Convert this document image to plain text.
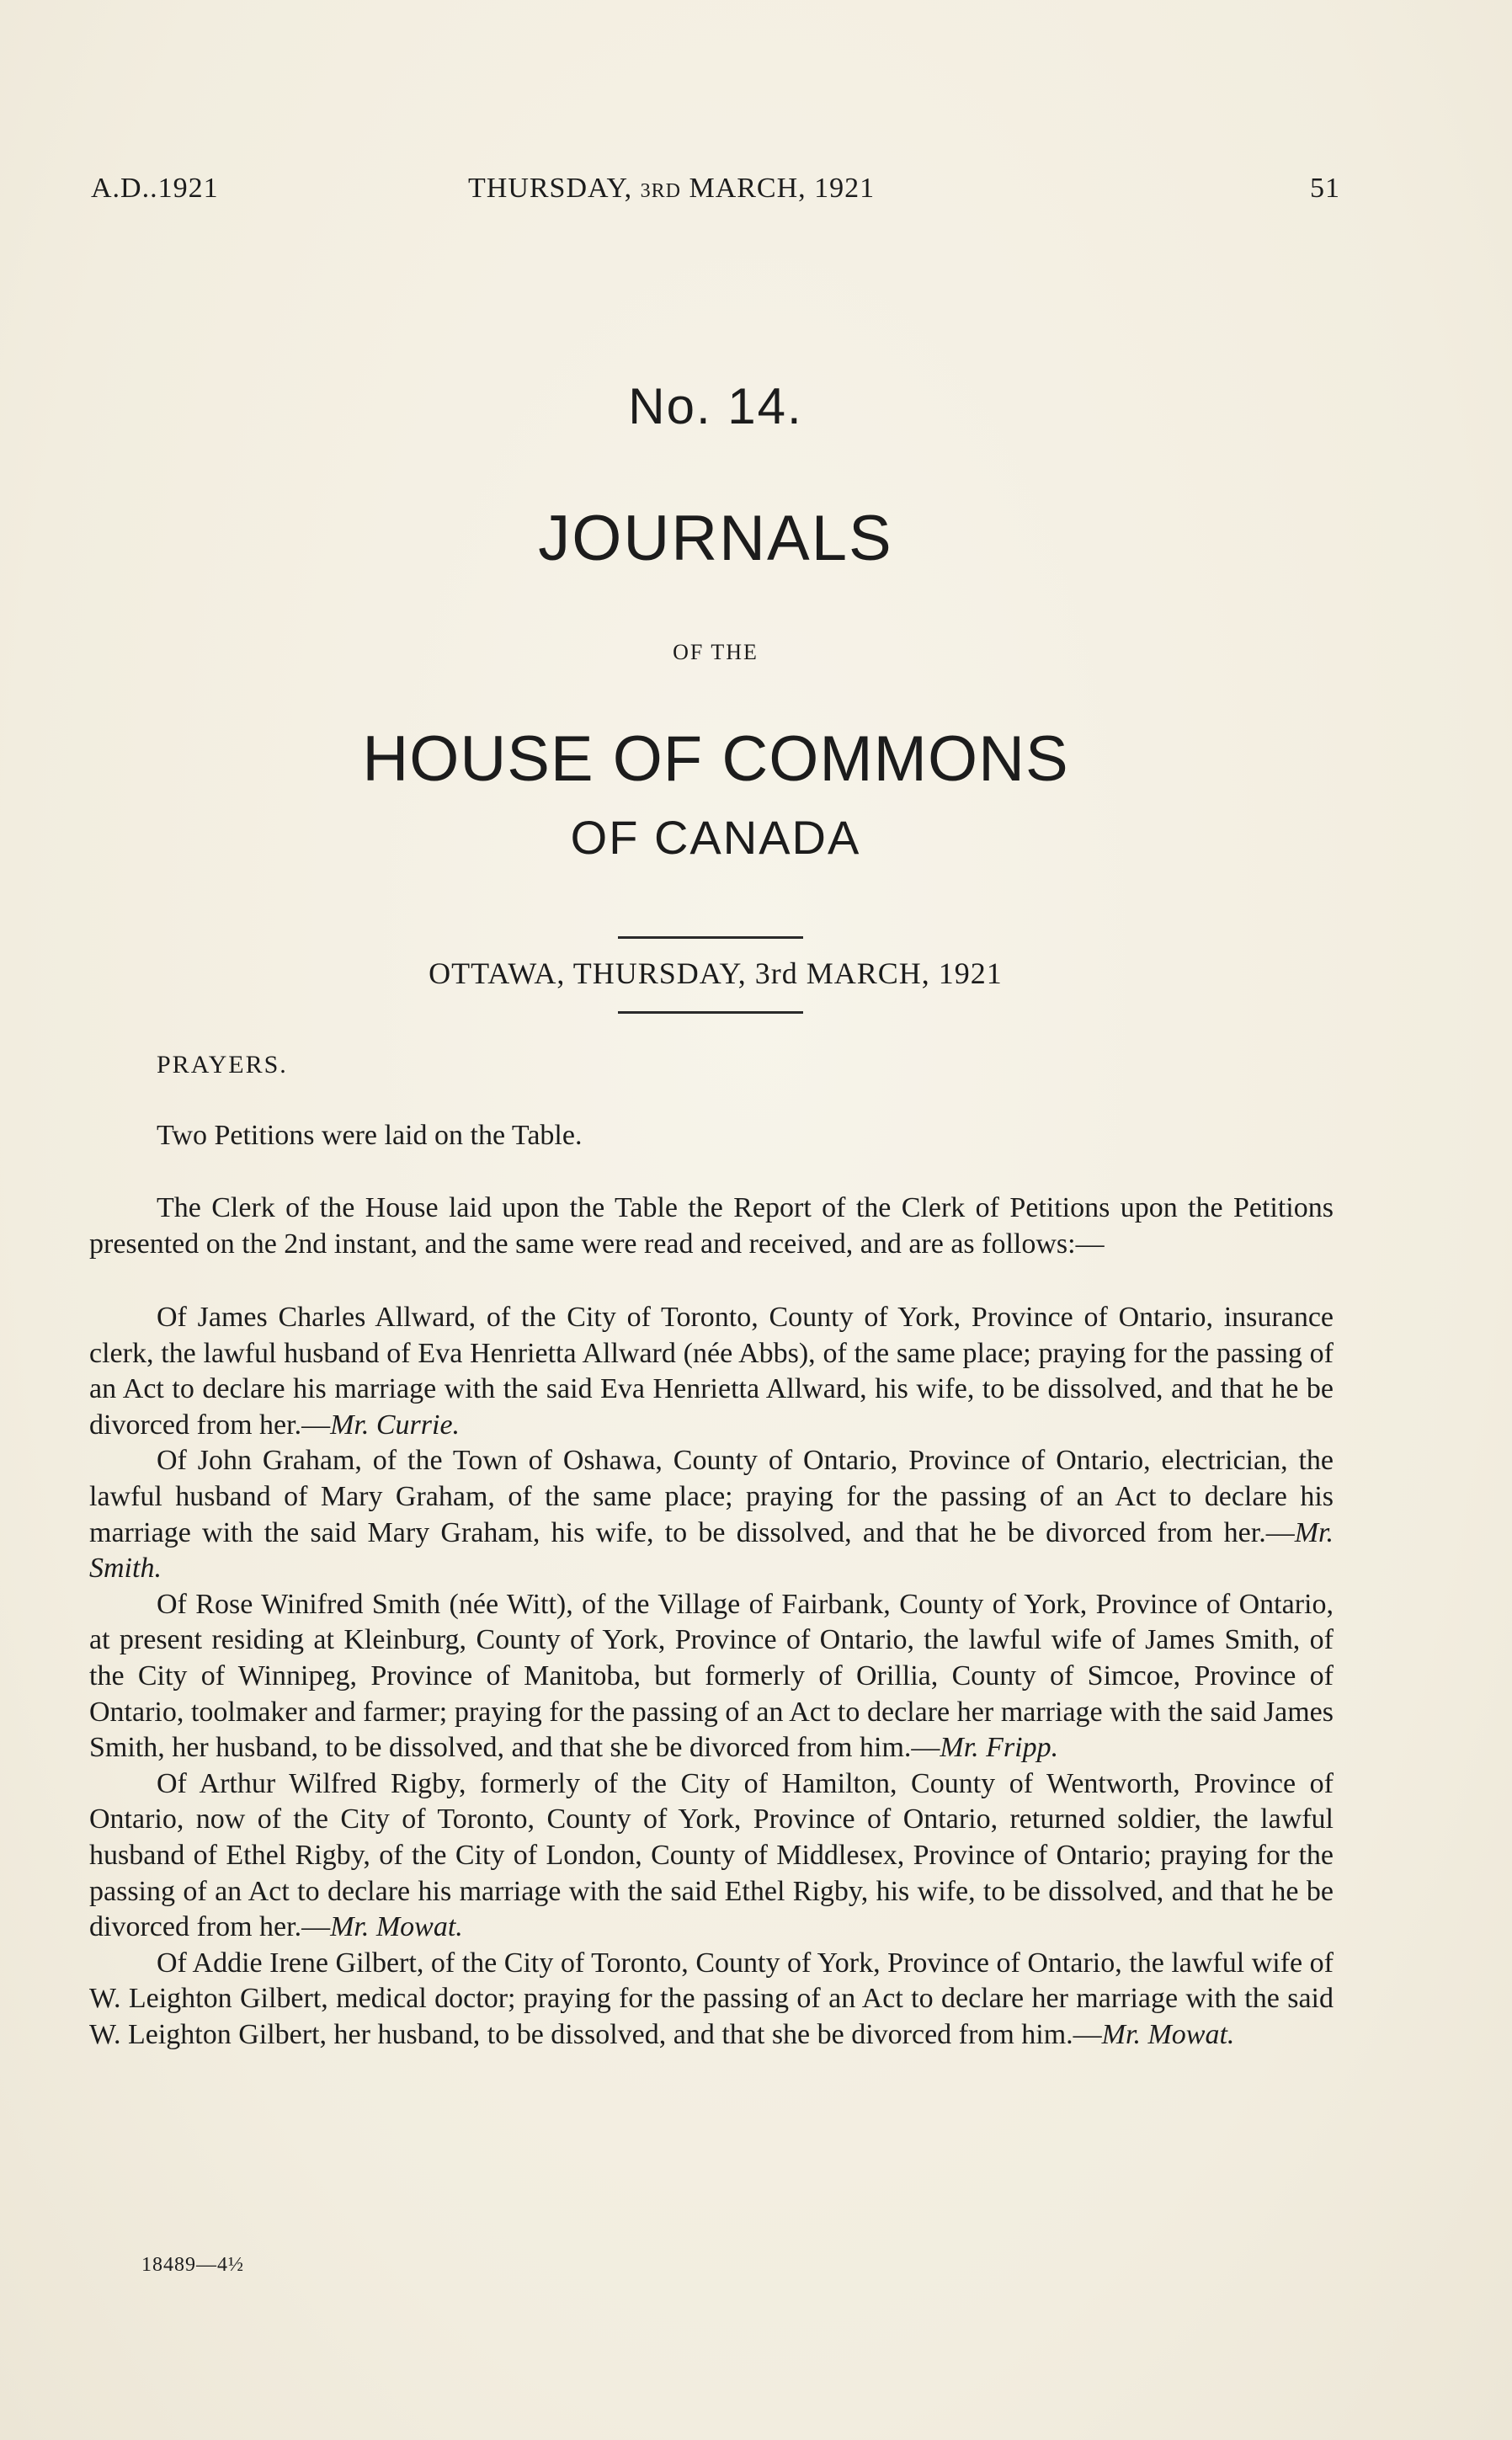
A.D..1921	THURSDAY, 3RD MARCH, 1921	51
No. 14.
JOURNALS
OF THE
HOUSE OF COMMONS
OF CANADA
OTTAWA, THURSDAY, 3rd MARCH, 1921
PRAYERS.
Two Petitions were laid on the Table.

The Clerk of the House laid upon the Table the Report of the Clerk of Petitions upon the Petitions presented on the 2nd instant, and the same were read and received, and are as follows:—

Of James Charles Allward, of the City of Toronto, County of York, Province of Ontario, insurance clerk, the lawful husband of Eva Henrietta Allward (née Abbs), of the same place; praying for the passing of an Act to declare his marriage with the said Eva Henrietta Allward, his wife, to be dissolved, and that he be divorced from her.—Mr. Currie.

Of John Graham, of the Town of Oshawa, County of Ontario, Province of Ontario, electrician, the lawful husband of Mary Graham, of the same place; praying for the passing of an Act to declare his marriage with the said Mary Graham, his wife, to be dissolved, and that he be divorced from her.—Mr. Smith.

Of Rose Winifred Smith (née Witt), of the Village of Fairbank, County of York, Province of Ontario, at present residing at Kleinburg, County of York, Province of Ontario, the lawful wife of James Smith, of the City of Winnipeg, Province of Manitoba, but formerly of Orillia, County of Simcoe, Province of Ontario, toolmaker and farmer; praying for the passing of an Act to declare her marriage with the said James Smith, her husband, to be dissolved, and that she be divorced from him.—Mr. Fripp.

Of Arthur Wilfred Rigby, formerly of the City of Hamilton, County of Wentworth, Province of Ontario, now of the City of Toronto, County of York, Province of Ontario, returned soldier, the lawful husband of Ethel Rigby, of the City of London, County of Middlesex, Province of Ontario; praying for the passing of an Act to declare his marriage with the said Ethel Rigby, his wife, to be dissolved, and that he be divorced from her.—Mr. Mowat.

Of Addie Irene Gilbert, of the City of Toronto, County of York, Province of Ontario, the lawful wife of W. Leighton Gilbert, medical doctor; praying for the passing of an Act to declare her marriage with the said W. Leighton Gilbert, her husband, to be dissolved, and that she be divorced from him.—Mr. Mowat.

18489—4½
